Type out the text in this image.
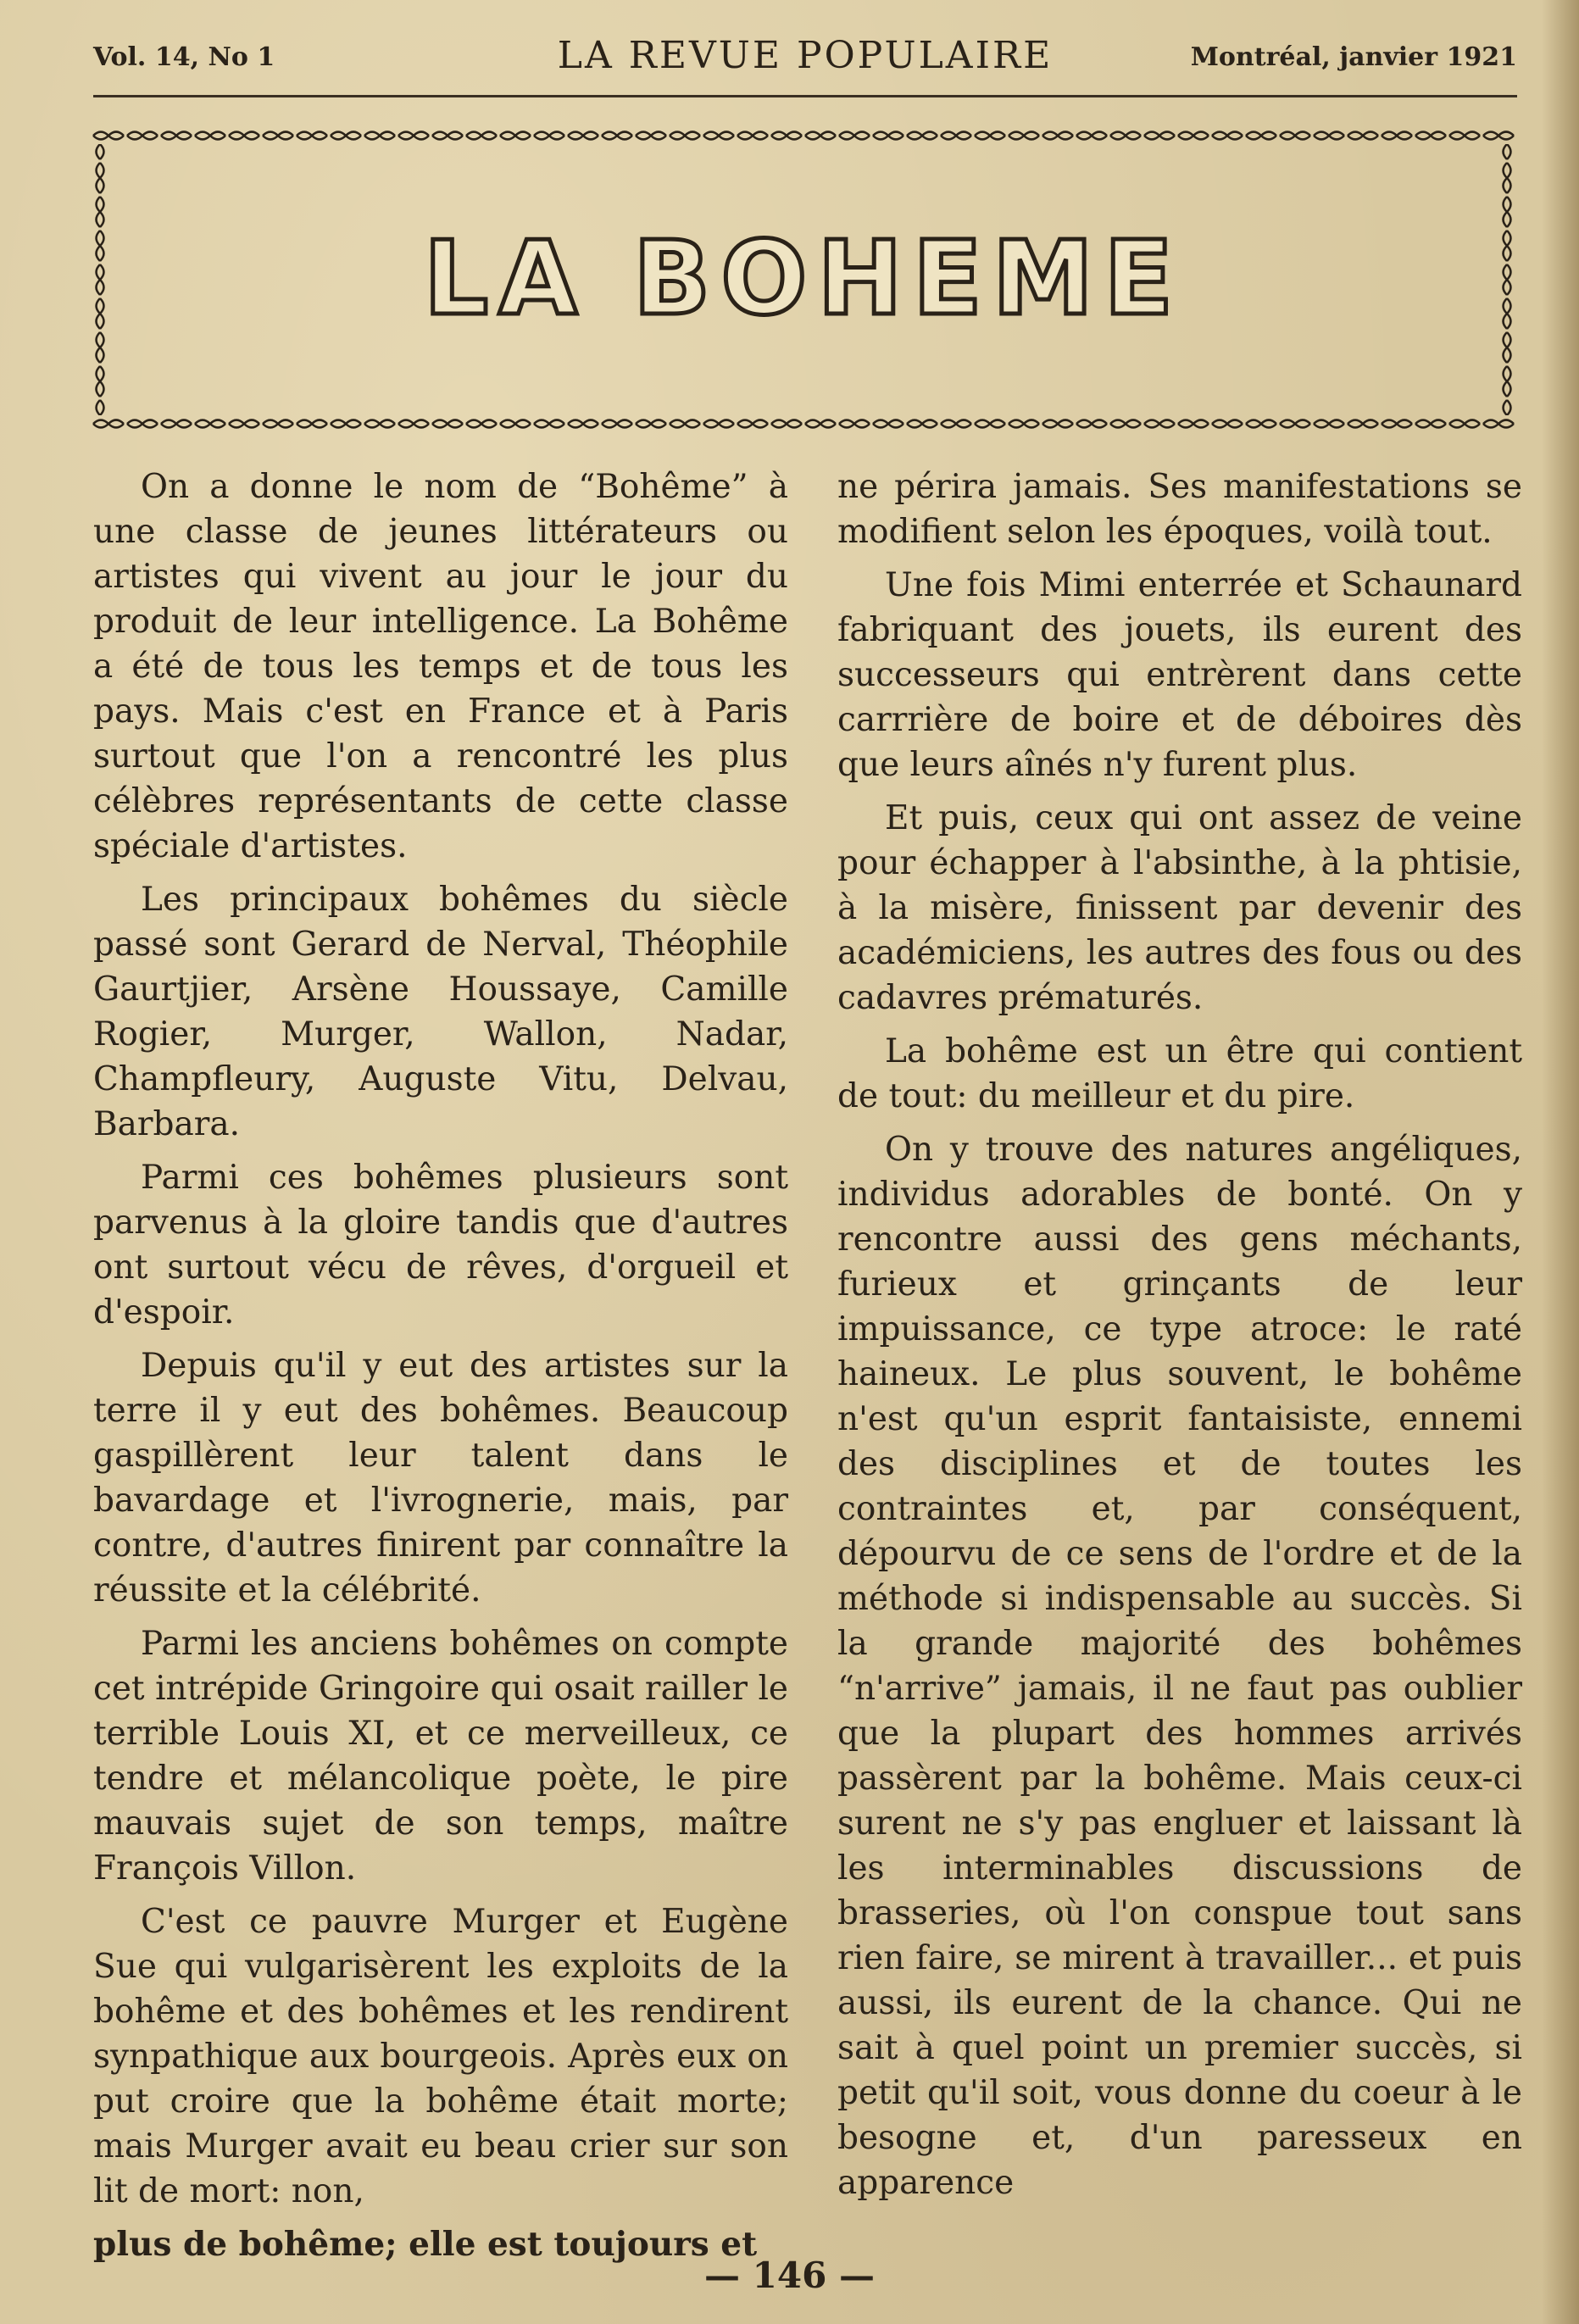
Vol. 14, No 1	LA REVUE POPULAIRE	Montréal, janvier 1921
LA BOHEME

On a donne le nom de “Bohême” à une classe de jeunes littérateurs ou artistes qui vivent au jour le jour du produit de leur intelligence. La Bohême a été de tous les temps et de tous les pays. Mais c'est en France et à Paris surtout que l'on a rencontré les plus célèbres représentants de cette classe spéciale d'artistes.

Les principaux bohêmes du siècle passé sont Gerard de Nerval, Théophile Gaurtjier, Arsène Houssaye, Camille Rogier, Murger, Wallon, Nadar, Champfleury, Auguste Vitu, Delvau, Barbara.

Parmi ces bohêmes plusieurs sont parvenus à la gloire tandis que d'autres ont surtout vécu de rêves, d'orgueil et d'espoir.

Depuis qu'il y eut des artistes sur la terre il y eut des bohêmes. Beaucoup gaspillèrent leur talent dans le bavardage et l'ivrognerie, mais, par contre, d'autres finirent par connaître la réussite et la célébrité.

Parmi les anciens bohêmes on compte cet intrépide Gringoire qui osait railler le terrible Louis XI, et ce merveilleux, ce tendre et mélancolique poète, le pire mauvais sujet de son temps, maître François Villon.

C'est ce pauvre Murger et Eugène Sue qui vulgarisèrent les exploits de la bohême et des bohêmes et les rendirent synpathique aux bourgeois. Après eux on put croire que la bohême était morte; mais Murger avait eu beau crier sur son lit de mort: non,

plus de bohême; elle est toujours et

ne périra jamais. Ses manifestations se modifient selon les époques, voilà tout.

Une fois Mimi enterrée et Schaunard fabriquant des jouets, ils eurent des successeurs qui entrèrent dans cette carrrière de boire et de déboires dès que leurs aînés n'y furent plus.

Et puis, ceux qui ont assez de veine pour échapper à l'absinthe, à la phtisie, à la misère, finissent par devenir des académiciens, les autres des fous ou des cadavres prématurés.

La bohême est un être qui contient de tout: du meilleur et du pire.

On y trouve des natures angéliques, individus adorables de bonté. On y rencontre aussi des gens méchants, furieux et grinçants de leur impuissance, ce type atroce: le raté haineux. Le plus souvent, le bohême n'est qu'un esprit fantaisiste, ennemi des disciplines et de toutes les contraintes et, par conséquent, dépourvu de ce sens de l'ordre et de la méthode si indispensable au succès. Si la grande majorité des bohêmes “n'arrive” jamais, il ne faut pas oublier que la plupart des hommes arrivés passèrent par la bohême. Mais ceux-ci surent ne s'y pas engluer et laissant là les interminables discussions de brasseries, où l'on conspue tout sans rien faire, se mirent à travailler... et puis aussi, ils eurent de la chance. Qui ne sait à quel point un premier succès, si petit qu'il soit, vous donne du coeur à le besogne et, d'un paresseux en apparence

— 146 —
